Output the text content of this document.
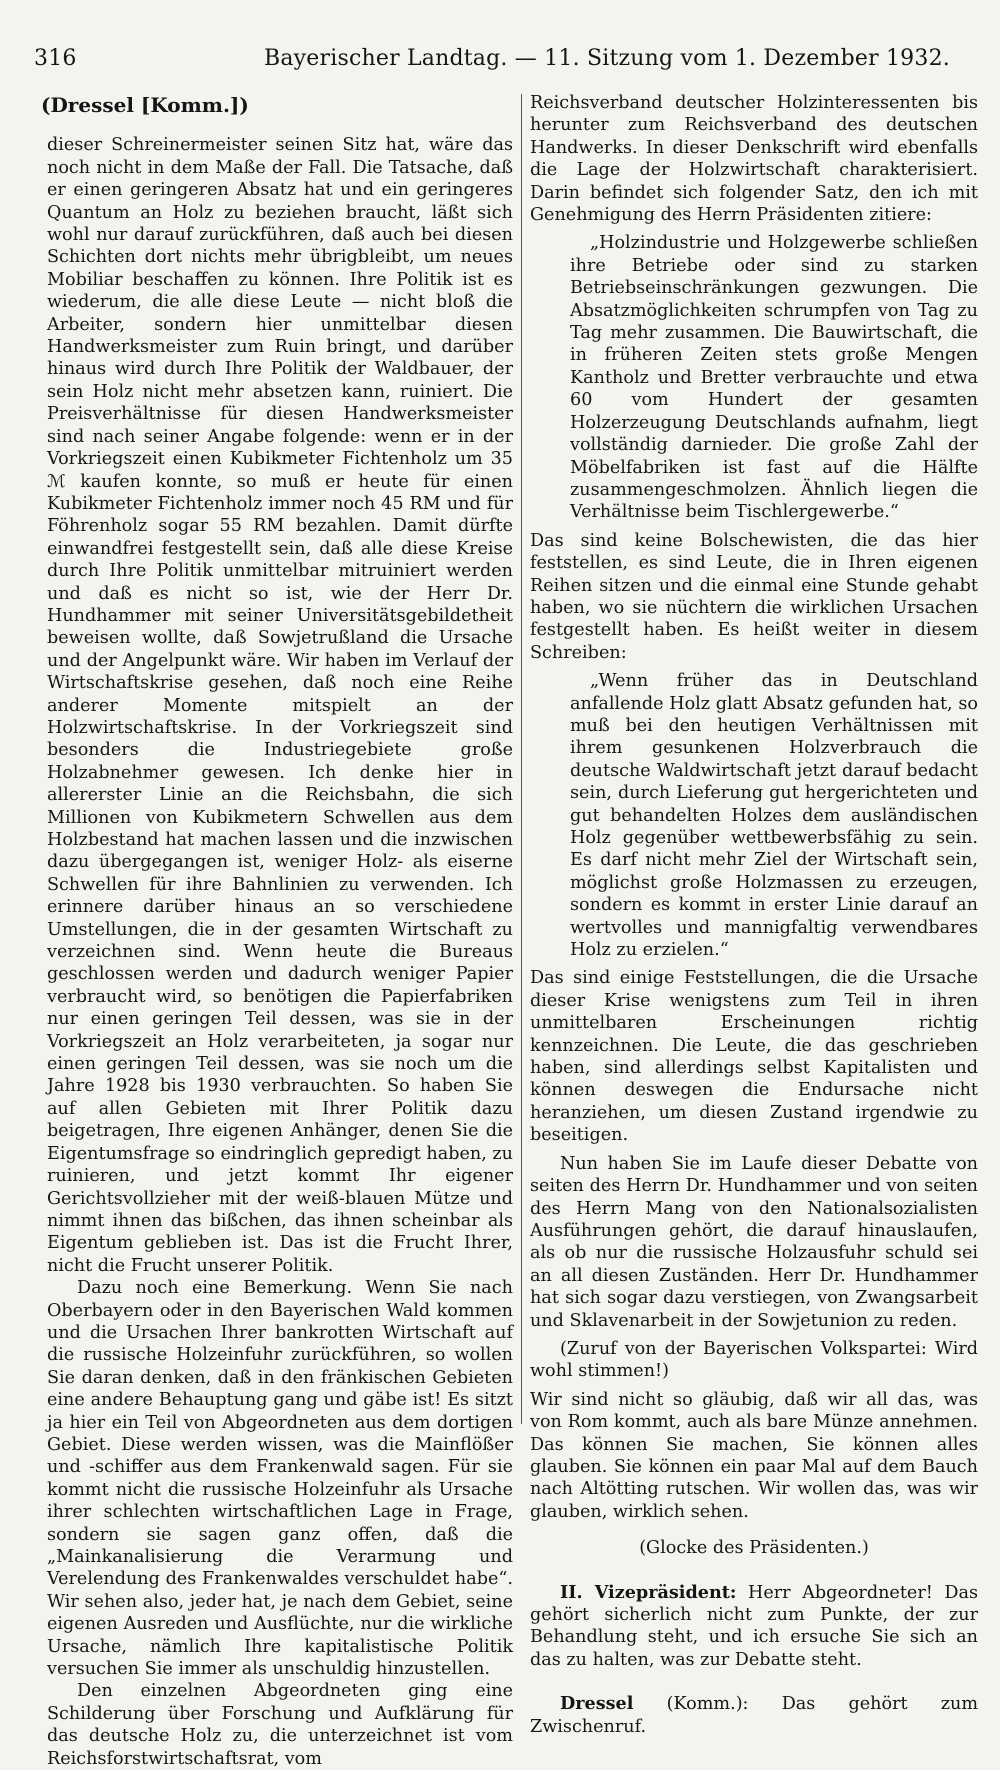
316	Bayerischer Landtag. — 11. Sitzung vom 1. Dezember 1932.

(Dressel [Komm.])

dieser Schreinermeister seinen Sitz hat, wäre das noch nicht in dem Maße der Fall. Die Tatsache, daß er einen geringeren Absatz hat und ein geringeres Quantum an Holz zu beziehen braucht, läßt sich wohl nur darauf zurückführen, daß auch bei diesen Schichten dort nichts mehr übrigbleibt, um neues Mobiliar beschaffen zu können. Ihre Politik ist es wiederum, die alle diese Leute — nicht bloß die Arbeiter, sondern hier unmittelbar diesen Handwerksmeister zum Ruin bringt, und darüber hinaus wird durch Ihre Politik der Waldbauer, der sein Holz nicht mehr absetzen kann, ruiniert. Die Preisverhältnisse für diesen Handwerksmeister sind nach seiner Angabe folgende: wenn er in der Vorkriegszeit einen Kubikmeter Fichtenholz um 35 ℳ kaufen konnte, so muß er heute für einen Kubikmeter Fichtenholz immer noch 45 RM und für Föhrenholz sogar 55 RM bezahlen. Damit dürfte einwandfrei festgestellt sein, daß alle diese Kreise durch Ihre Politik unmittelbar mitruiniert werden und daß es nicht so ist, wie der Herr Dr. Hundhammer mit seiner Universitätsgebildetheit beweisen wollte, daß Sowjetrußland die Ursache und der Angelpunkt wäre. Wir haben im Verlauf der Wirtschaftskrise gesehen, daß noch eine Reihe anderer Momente mitspielt an der Holzwirtschaftskrise. In der Vorkriegszeit sind besonders die Industriegebiete große Holzabnehmer gewesen. Ich denke hier in allererster Linie an die Reichsbahn, die sich Millionen von Kubikmetern Schwellen aus dem Holzbestand hat machen lassen und die inzwischen dazu übergegangen ist, weniger Holz- als eiserne Schwellen für ihre Bahnlinien zu verwenden. Ich erinnere darüber hinaus an so verschiedene Umstellungen, die in der gesamten Wirtschaft zu verzeichnen sind. Wenn heute die Bureaus geschlossen werden und dadurch weniger Papier verbraucht wird, so benötigen die Papierfabriken nur einen geringen Teil dessen, was sie in der Vorkriegszeit an Holz verarbeiteten, ja sogar nur einen geringen Teil dessen, was sie noch um die Jahre 1928 bis 1930 verbrauchten. So haben Sie auf allen Gebieten mit Ihrer Politik dazu beigetragen, Ihre eigenen Anhänger, denen Sie die Eigentumsfrage so eindringlich gepredigt haben, zu ruinieren, und jetzt kommt Ihr eigener Gerichtsvollzieher mit der weiß-blauen Mütze und nimmt ihnen das bißchen, das ihnen scheinbar als Eigentum geblieben ist. Das ist die Frucht Ihrer, nicht die Frucht unserer Politik.

Dazu noch eine Bemerkung. Wenn Sie nach Oberbayern oder in den Bayerischen Wald kommen und die Ursachen Ihrer bankrotten Wirtschaft auf die russische Holzeinfuhr zurückführen, so wollen Sie daran denken, daß in den fränkischen Gebieten eine andere Behauptung gang und gäbe ist! Es sitzt ja hier ein Teil von Abgeordneten aus dem dortigen Gebiet. Diese werden wissen, was die Mainflößer und -schiffer aus dem Frankenwald sagen. Für sie kommt nicht die russische Holzeinfuhr als Ursache ihrer schlechten wirtschaftlichen Lage in Frage, sondern sie sagen ganz offen, daß die „Mainkanalisierung die Verarmung und Verelendung des Frankenwaldes verschuldet habe“. Wir sehen also, jeder hat, je nach dem Gebiet, seine eigenen Ausreden und Ausflüchte, nur die wirkliche Ursache, nämlich Ihre kapitalistische Politik versuchen Sie immer als unschuldig hinzustellen.

Den einzelnen Abgeordneten ging eine Schilderung über Forschung und Aufklärung für das deutsche Holz zu, die unterzeichnet ist vom Reichsforstwirtschaftsrat, vom

Reichsverband deutscher Holzinteressenten bis herunter zum Reichsverband des deutschen Handwerks. In dieser Denkschrift wird ebenfalls die Lage der Holzwirtschaft charakterisiert. Darin befindet sich folgender Satz, den ich mit Genehmigung des Herrn Präsidenten zitiere:

„Holzindustrie und Holzgewerbe schließen ihre Betriebe oder sind zu starken Betriebseinschränkungen gezwungen. Die Absatzmöglichkeiten schrumpfen von Tag zu Tag mehr zusammen. Die Bauwirtschaft, die in früheren Zeiten stets große Mengen Kantholz und Bretter verbrauchte und etwa 60 vom Hundert der gesamten Holzerzeugung Deutschlands aufnahm, liegt vollständig darnieder. Die große Zahl der Möbelfabriken ist fast auf die Hälfte zusammengeschmolzen. Ähnlich liegen die Verhältnisse beim Tischlergewerbe.“

Das sind keine Bolschewisten, die das hier feststellen, es sind Leute, die in Ihren eigenen Reihen sitzen und die einmal eine Stunde gehabt haben, wo sie nüchtern die wirklichen Ursachen festgestellt haben. Es heißt weiter in diesem Schreiben:

„Wenn früher das in Deutschland anfallende Holz glatt Absatz gefunden hat, so muß bei den heutigen Verhältnissen mit ihrem gesunkenen Holzverbrauch die deutsche Waldwirtschaft jetzt darauf bedacht sein, durch Lieferung gut hergerichteten und gut behandelten Holzes dem ausländischen Holz gegenüber wettbewerbsfähig zu sein. Es darf nicht mehr Ziel der Wirtschaft sein, möglichst große Holzmassen zu erzeugen, sondern es kommt in erster Linie darauf an wertvolles und mannigfaltig verwendbares Holz zu erzielen.“

Das sind einige Feststellungen, die die Ursache dieser Krise wenigstens zum Teil in ihren unmittelbaren Erscheinungen richtig kennzeichnen. Die Leute, die das geschrieben haben, sind allerdings selbst Kapitalisten und können deswegen die Endursache nicht heranziehen, um diesen Zustand irgendwie zu beseitigen.

Nun haben Sie im Laufe dieser Debatte von seiten des Herrn Dr. Hundhammer und von seiten des Herrn Mang von den Nationalsozialisten Ausführungen gehört, die darauf hinauslaufen, als ob nur die russische Holzausfuhr schuld sei an all diesen Zuständen. Herr Dr. Hundhammer hat sich sogar dazu verstiegen, von Zwangsarbeit und Sklavenarbeit in der Sowjetunion zu reden.

(Zuruf von der Bayerischen Volkspartei: Wird wohl stimmen!)

Wir sind nicht so gläubig, daß wir all das, was von Rom kommt, auch als bare Münze annehmen. Das können Sie machen, Sie können alles glauben. Sie können ein paar Mal auf dem Bauch nach Altötting rutschen. Wir wollen das, was wir glauben, wirklich sehen.

(Glocke des Präsidenten.)

II. Vizepräsident: Herr Abgeordneter! Das gehört sicherlich nicht zum Punkte, der zur Behandlung steht, und ich ersuche Sie sich an das zu halten, was zur Debatte steht.

Dressel (Komm.): Das gehört zum Zwischenruf.
